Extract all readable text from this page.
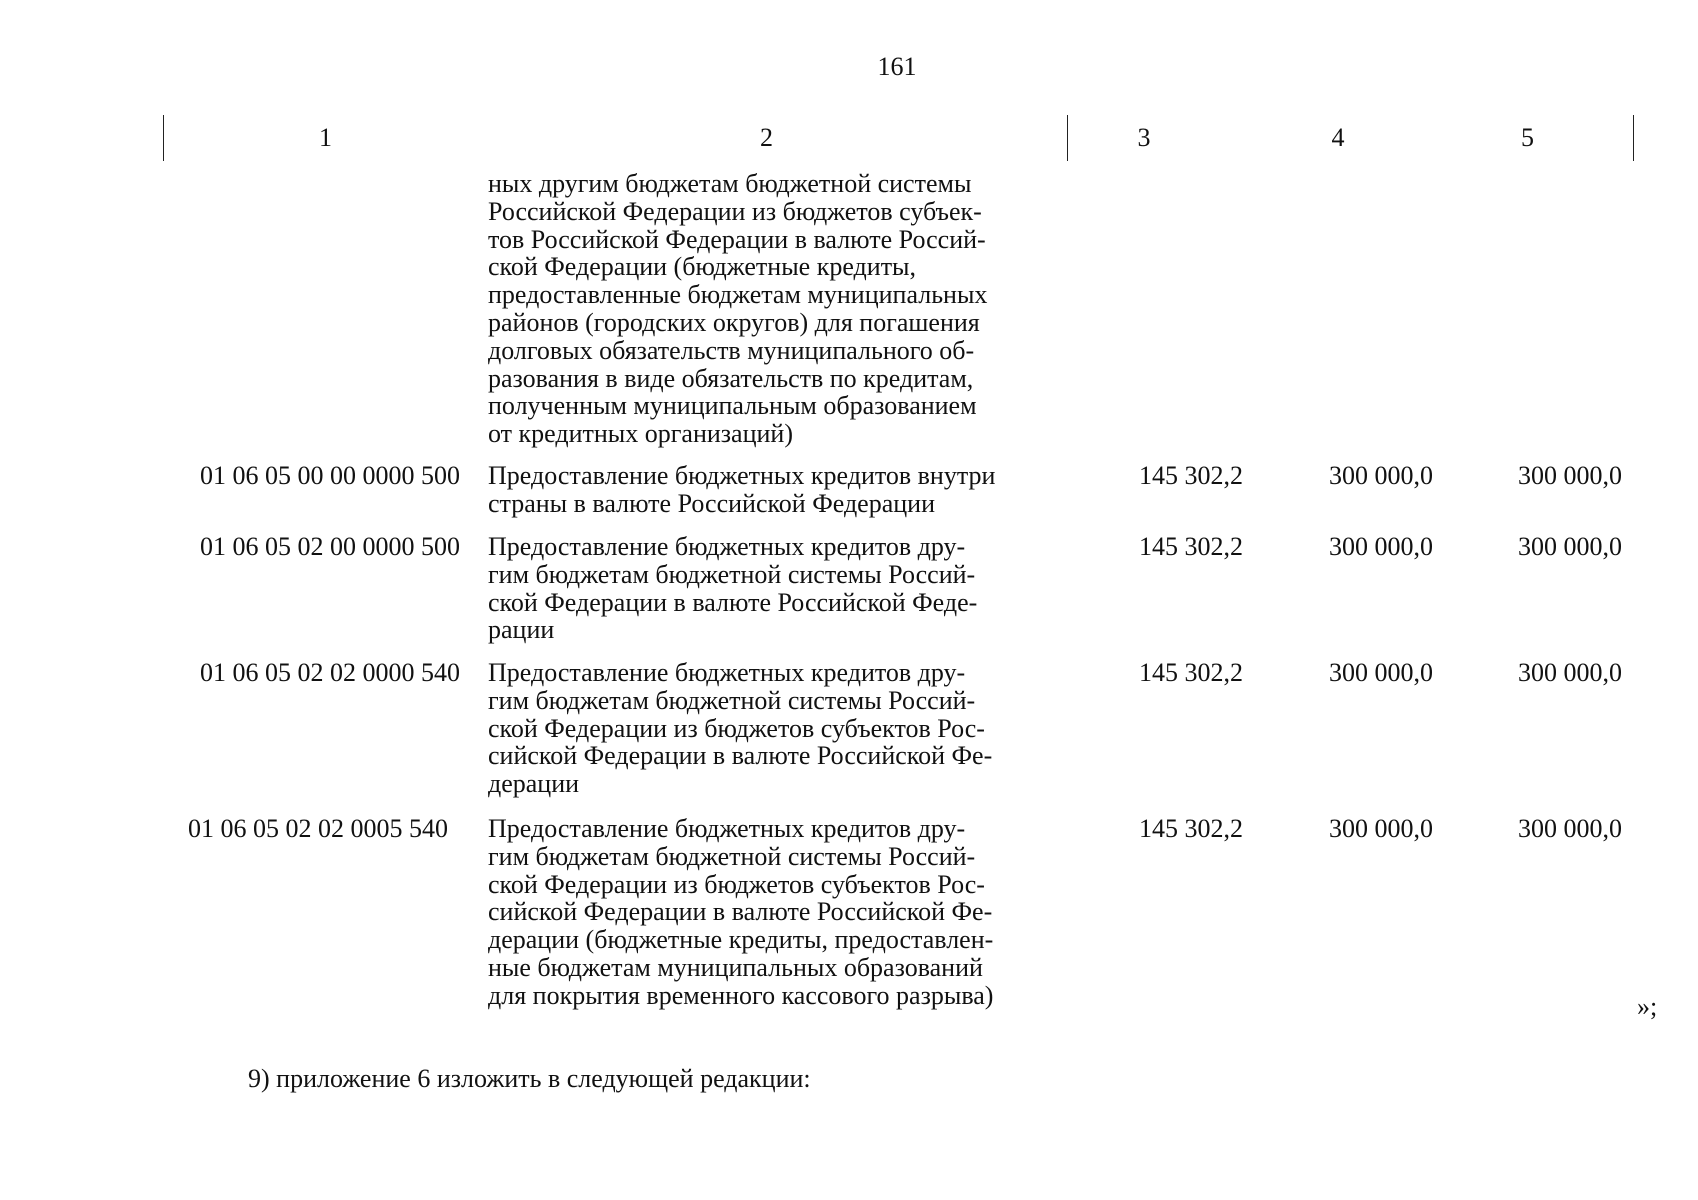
161
1	2	3	4	5
ных другим бюджетам бюджетной системы
Российской Федерации из бюджетов субъек-
тов Российской Федерации в валюте Россий-
ской Федерации (бюджетные кредиты,
предоставленные бюджетам муниципальных
районов (городских округов) для погашения
долговых обязательств муниципального об-
разования в виде обязательств по кредитам,
полученным муниципальным образованием
от кредитных организаций)
01 06 05 00 00 0000 500	Предоставление бюджетных кредитов внутри
страны в валюте Российской Федерации
145 302,2	300 000,0	300 000,0
01 06 05 02 00 0000 500	Предоставление бюджетных кредитов дру-
гим бюджетам бюджетной системы Россий-
ской Федерации в валюте Российской Феде-
рации
145 302,2	300 000,0	300 000,0
01 06 05 02 02 0000 540	Предоставление бюджетных кредитов дру-
гим бюджетам бюджетной системы Россий-
ской Федерации из бюджетов субъектов Рос-
сийской Федерации в валюте Российской Фе-
дерации
145 302,2	300 000,0	300 000,0
01 06 05 02 02 0005 540	Предоставление бюджетных кредитов дру-
гим бюджетам бюджетной системы Россий-
ской Федерации из бюджетов субъектов Рос-
сийской Федерации в валюте Российской Фе-
дерации (бюджетные кредиты, предоставлен-
ные бюджетам муниципальных образований
для покрытия временного кассового разрыва)
145 302,2	300 000,0	300 000,0
»;
9) приложение 6 изложить в следующей редакции:
